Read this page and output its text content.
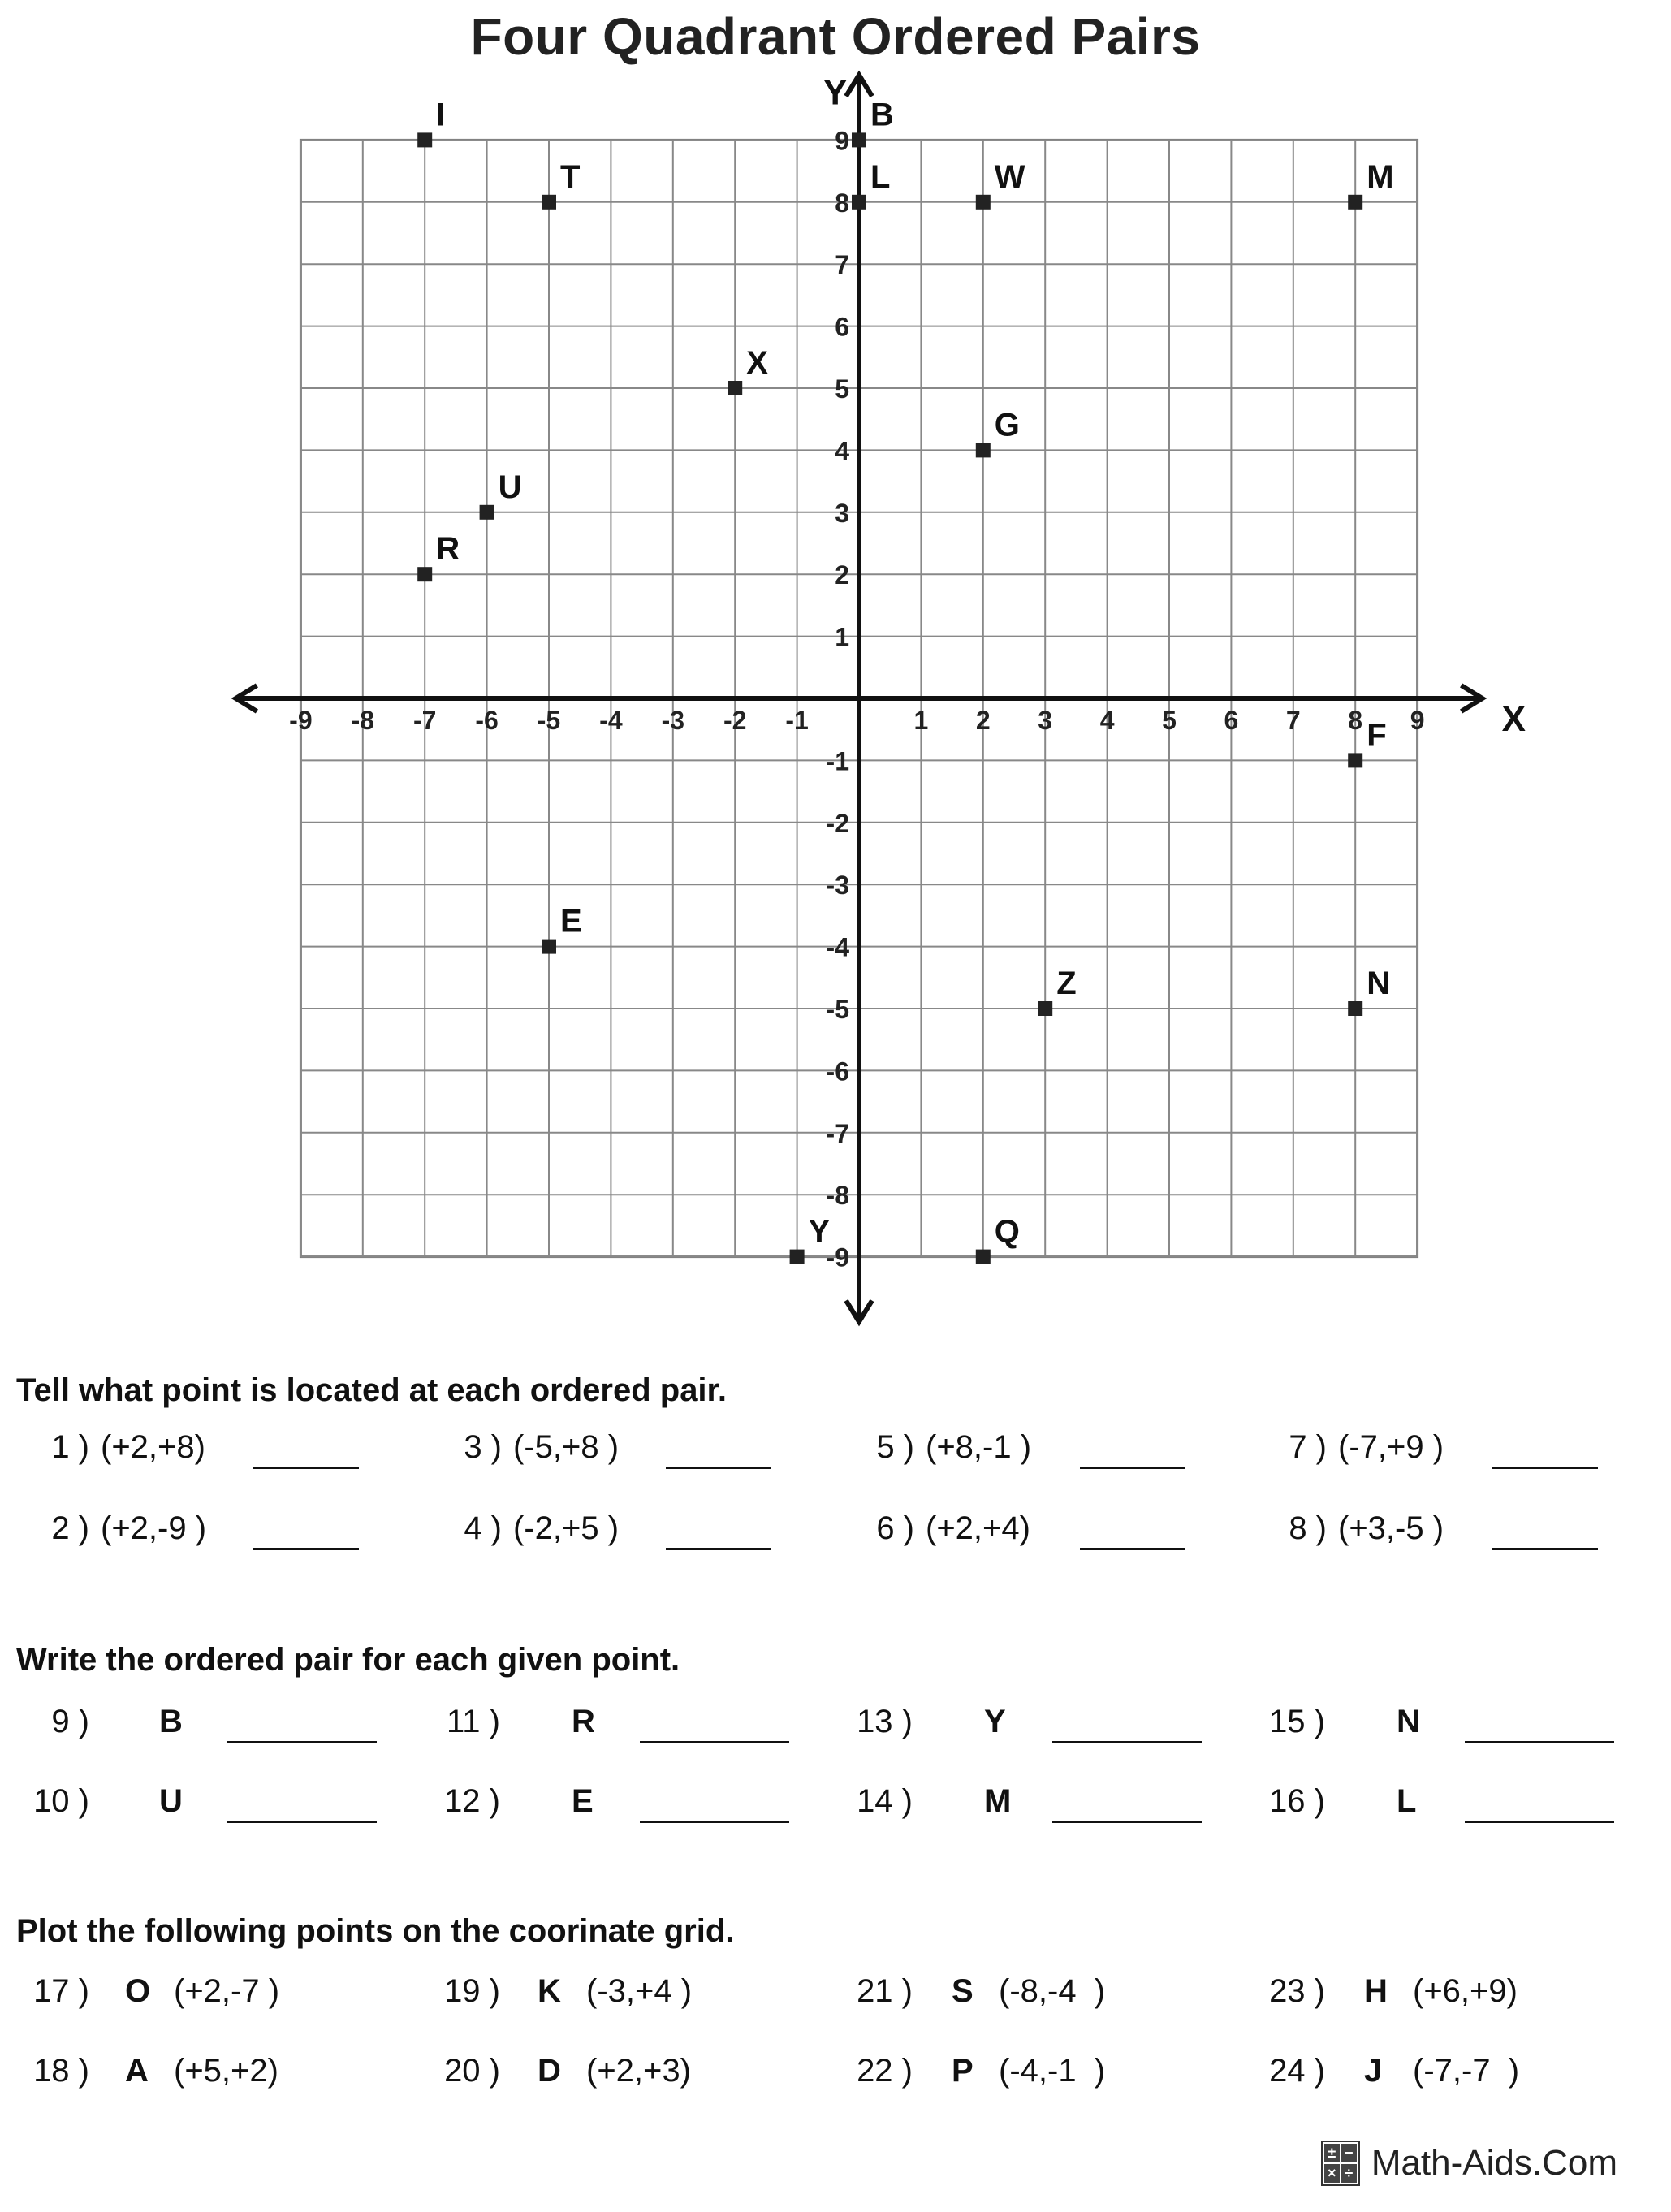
Four Quadrant Ordered Pairs
X
Y
-9 -8 -7 -6 -5 -4 -3 -2 -1	1 2 3 4 5 6 7 8 9
9
8
7
6
5
4
3
2
1
-1
-2
-3
-4
-5
-6
-7
-8
-9
I	B
T	L	W	M
X
G
U
R
F
E
Z	N
Y	Q
Tell what point is located at each ordered pair.
1 ) (+2,+8)	3 ) (-5,+8 )	5 ) (+8,-1 )	7 ) (-7,+9 )
2 ) (+2,-9 )	4 ) (-2,+5 )	6 ) (+2,+4)	8 ) (+3,-5 )
Write the ordered pair for each given point.
9 ) B	11 ) R	13 ) Y	15 ) N
10 ) U	12 ) E	14 ) M	16 ) L
Plot the following points on the coorinate grid.
17 ) O (+2,-7 )	19 ) K (-3,+4 )	21 ) S (-8,-4  )	23 ) H (+6,+9)
18 ) A (+5,+2)	20 ) D (+2,+3)	22 ) P (-4,-1  )	24 ) J (-7,-7  )
± −
× ÷ Math-Aids.Com
